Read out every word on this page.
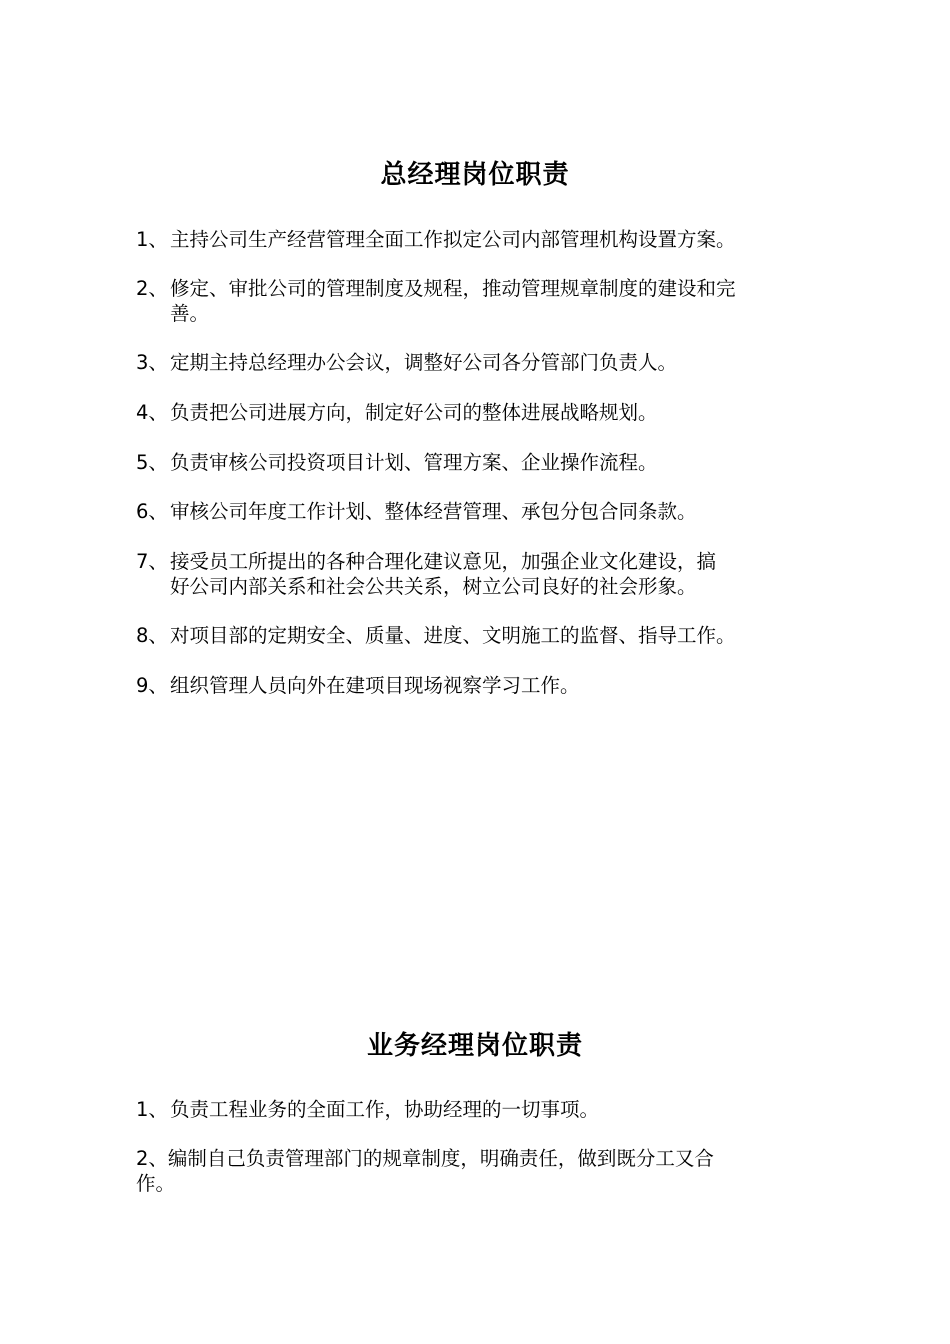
总经理岗位职责
1、 主持公司生产经营管理全面工作拟定公司内部管理机构设置方案。
2、 修定、审批公司的管理制度及规程，推动管理规章制度的建设和完
善。
3、 定期主持总经理办公会议，调整好公司各分管部门负责人。
4、 负责把公司进展方向，制定好公司的整体进展战略规划。
5、 负责审核公司投资项目计划、管理方案、企业操作流程。
6、 审核公司年度工作计划、整体经营管理、承包分包合同条款。
7、 接受员工所提出的各种合理化建议意见，加强企业文化建设，搞
好公司内部关系和社会公共关系，树立公司良好的社会形象。
8、 对项目部的定期安全、质量、进度、文明施工的监督、指导工作。
9、 组织管理人员向外在建项目现场视察学习工作。
业务经理岗位职责
1、 负责工程业务的全面工作，协助经理的一切事项。
2、编制自己负责管理部门的规章制度，明确责任，做到既分工又合
作。
